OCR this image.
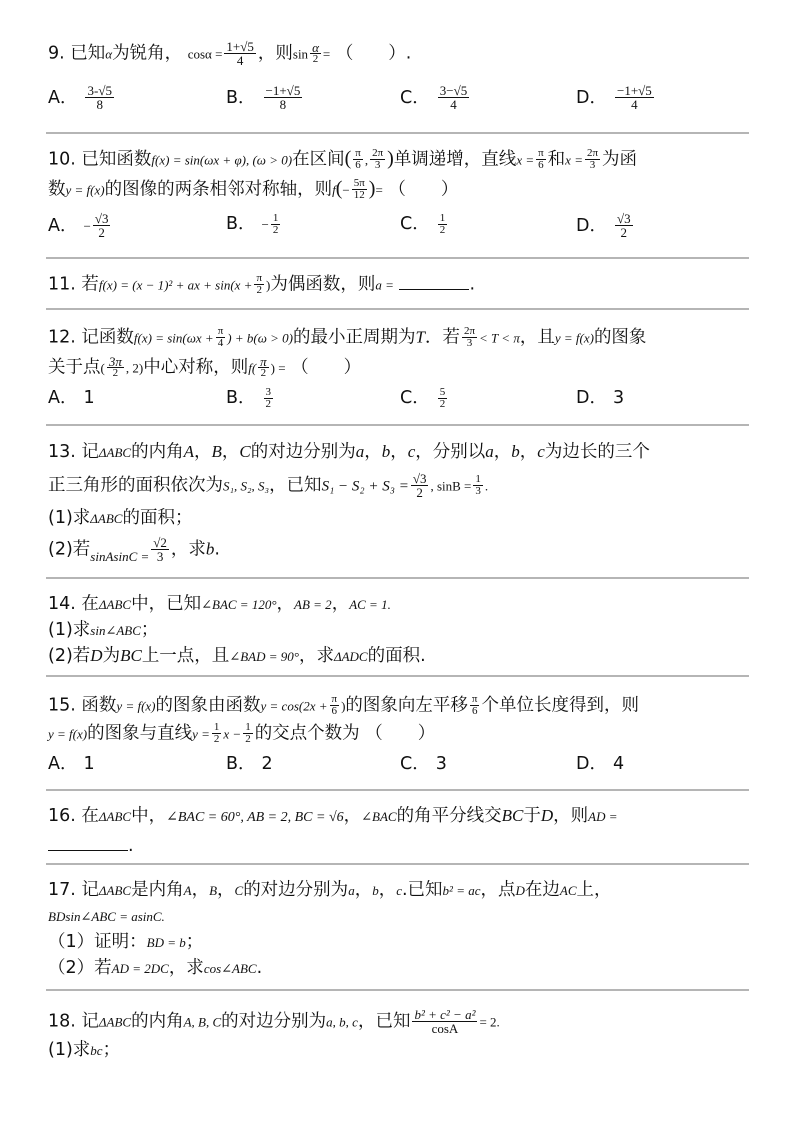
9. 已知α为锐角， $\cos\alpha = \frac{1+√5}{4}$ ，则$\sin \frac{\alpha}{2}$ = （　　）.
A． $\frac{3-√5}{8}$	B． $\frac{-1+√5}{8}$	C． $\frac{3-√5}{4}$	D． $\frac{-1+√5}{4}$
10. 已知函数f(x) = sin(ωx + φ), (ω > 0)在区间( $\frac{\pi}{6}$ , $\frac{2\pi}{3}$ )单调递增，直线$x = \frac{\pi}{6}$ 和$x = \frac{2\pi}{3}$ 为函
数y = f(x)的图像的两条相邻对称轴，则$f(- \frac{5\pi}{12}$ )= （　　）
A． − $\frac{√3}{2}$	B． − $\frac{1}{2}$	C． $\frac{1}{2}$	D． $\frac{√3}{2}$
11. 若f(x) = (x − 1)² + ax + $\sin(x + \frac{\pi}{2}$ )为偶函数，则a =	.
12. 记函数$f(x) = \sin(\omega x + \frac{\pi}{4}$ ) + b(ω > 0)的最小正周期为T．若 $\frac{2\pi}{3} < T < \pi$，且y = f(x)的图象
关于点( $\frac{3\pi}{2}$ , 2)中心对称，则$f( \frac{\pi}{2}$ ) = （　　）
A． 1	B． $\frac{3}{2}$	C． $\frac{5}{2}$	D． 3
13. 记ΔABC的内角A，B，C的对边分别为a，b，c，分别以a，b，c为边长的三个
正三角形的面积依次为S₁, S₂, S₃，已知$S_1 - S_2 + S_3 = \frac{√3}{2}$ , $\sin B = \frac{1}{3}$ .
(1)求ΔABC的面积；
(2)若$_{sinAsinC =} \frac{√2}{3}$ ，求b.
14. 在ΔABC中，已知∠BAC = 120°，AB = 2，AC = 1.
(1)求sin∠ABC；
(2)若D为BC上一点，且∠BAD = 90°，求ΔADC的面积.
15. 函数y = f(x)的图象由函数$y = \cos(2x + \frac{\pi}{6}$ )的图象向左平移 $\frac{\pi}{6}$ 个单位长度得到，则
y = f(x)的图象与直线$y = \frac{1}{2}$ $x - \frac{1}{2}$ 的交点个数为 （　　）
A． 1	B． 2	C． 3	D． 4
16. 在ΔABC中，∠BAC = 60°, AB = 2, BC = √6，∠BAC的角平分线交BC于D，则AD =
.
17. 记ΔABC是内角A，B，C的对边分别为a，b，c.已知b² = ac，点D在边AC上，
BDsin∠ABC = asinC.
（1）证明：BD = b；
（2）若AD = 2DC，求cos∠ABC.
18. 记ΔABC的内角A, B, C的对边分别为a, b, c，已知 $\frac{\text{b² + c² − a²}}{\cos A} = 2$.
(1)求bc；
